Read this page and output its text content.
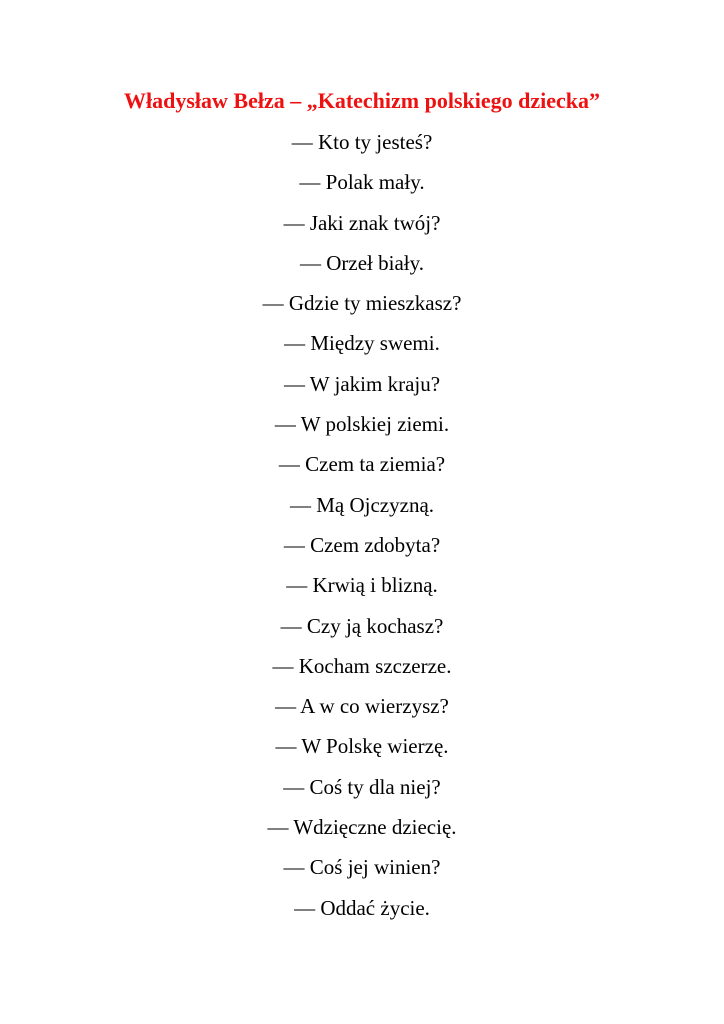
Władysław Bełza – „Katechizm polskiego dziecka”
— Kto ty jesteś?
— Polak mały.
— Jaki znak twój?
— Orzeł biały.
— Gdzie ty mieszkasz?
— Między swemi.
— W jakim kraju?
— W polskiej ziemi.
— Czem ta ziemia?
— Mą Ojczyzną.
— Czem zdobyta?
— Krwią i blizną.
— Czy ją kochasz?
— Kocham szczerze.
— A w co wierzysz?
— W Polskę wierzę.
— Coś ty dla niej?
— Wdzięczne dziecię.
— Coś jej winien?
— Oddać życie.
